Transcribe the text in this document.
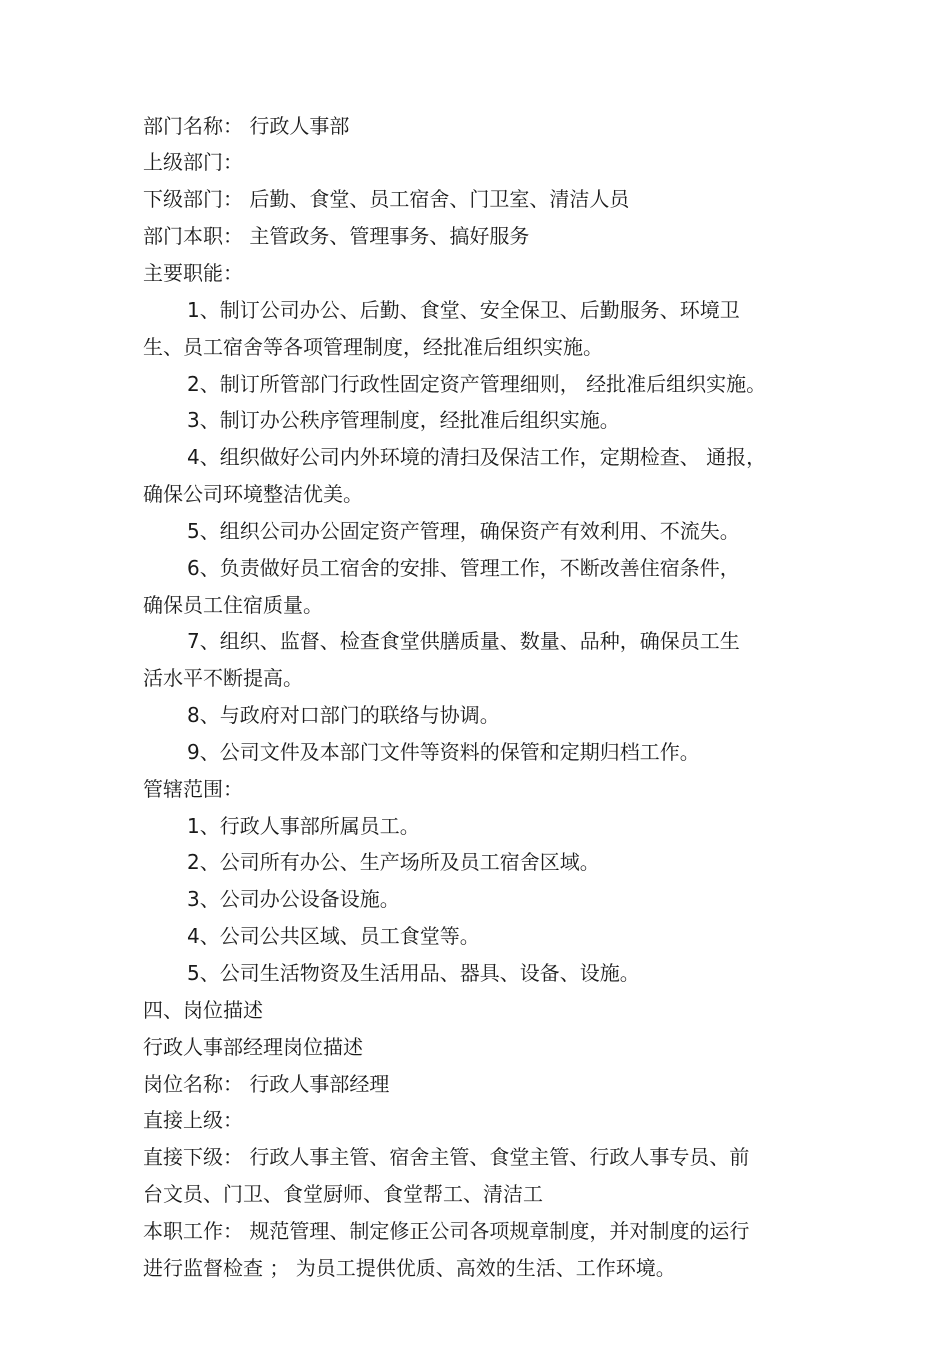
部门名称： 行政人事部
上级部门：
下级部门： 后勤、食堂、员工宿舍、门卫室、清洁人员
部门本职： 主管政务、管理事务、搞好服务
主要职能：
1、制订公司办公、后勤、食堂、安全保卫、后勤服务、环境卫
生、员工宿舍等各项管理制度，经批准后组织实施。
2、制订所管部门行政性固定资产管理细则， 经批准后组织实施。
3、制订办公秩序管理制度，经批准后组织实施。
4、组织做好公司内外环境的清扫及保洁工作，定期检查、 通报，
确保公司环境整洁优美。
5、组织公司办公固定资产管理，确保资产有效利用、不流失。
6、负责做好员工宿舍的安排、管理工作，不断改善住宿条件，
确保员工住宿质量。
7、组织、监督、检查食堂供膳质量、数量、品种，确保员工生
活水平不断提高。
8、与政府对口部门的联络与协调。
9、公司文件及本部门文件等资料的保管和定期归档工作。
管辖范围：
1、行政人事部所属员工。
2、公司所有办公、生产场所及员工宿舍区域。
3、公司办公设备设施。
4、公司公共区域、员工食堂等。
5、公司生活物资及生活用品、器具、设备、设施。
四、岗位描述
行政人事部经理岗位描述
岗位名称： 行政人事部经理
直接上级：
直接下级： 行政人事主管、宿舍主管、食堂主管、行政人事专员、前
台文员、门卫、食堂厨师、食堂帮工、清洁工
本职工作： 规范管理、制定修正公司各项规章制度，并对制度的运行
进行监督检查 ； 为员工提供优质、高效的生活、工作环境。
